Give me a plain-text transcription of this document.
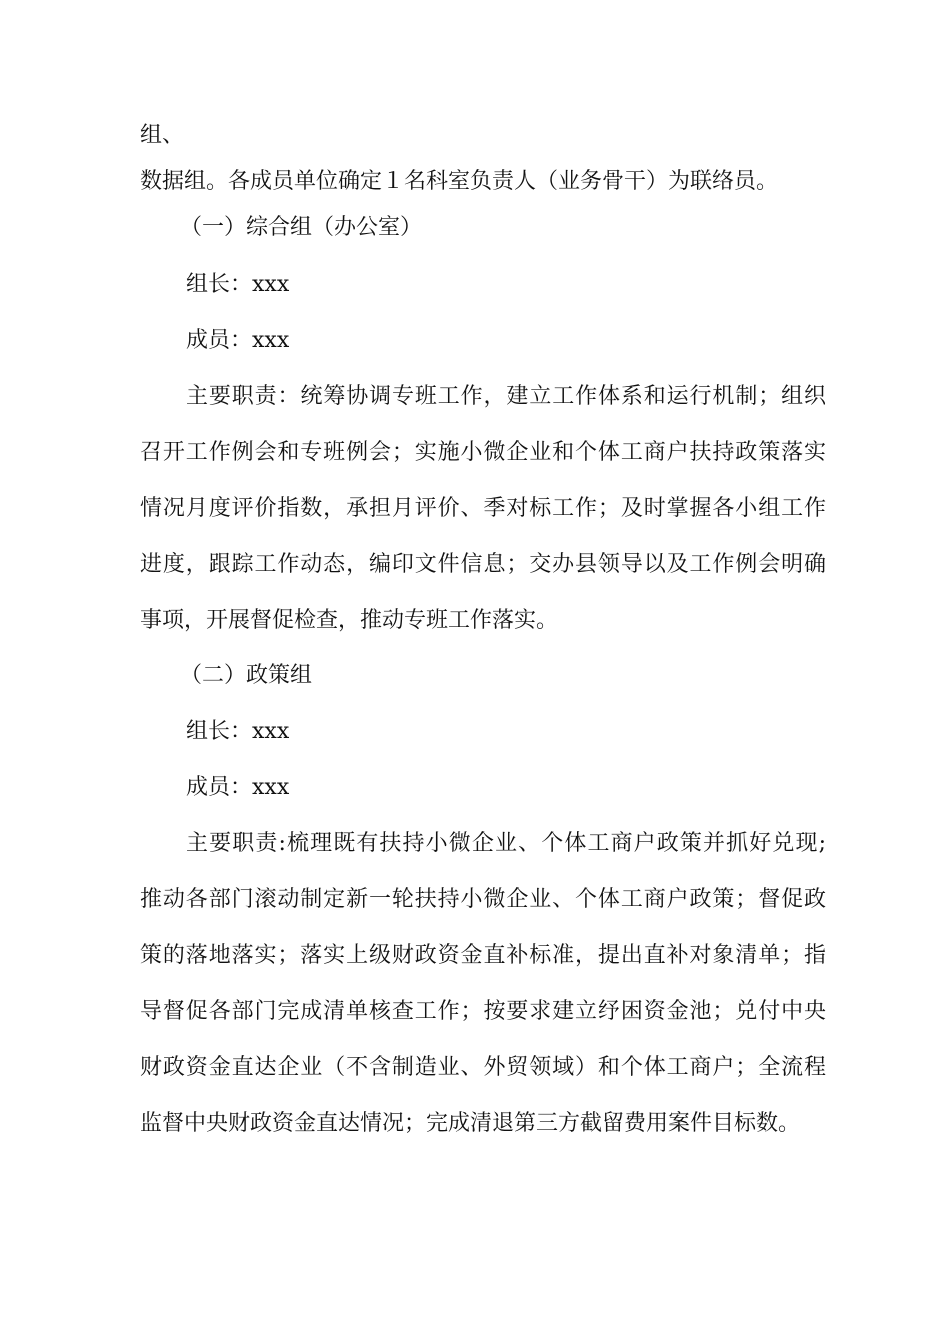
组、
数据组。各成员单位确定１名科室负责人（业务骨干）为联络员。
（一）综合组（办公室）
组长：xxx
成员：xxx
主要职责：统筹协调专班工作，建立工作体系和运行机制；组织
召开工作例会和专班例会；实施小微企业和个体工商户扶持政策落实
情况月度评价指数，承担月评价、季对标工作；及时掌握各小组工作
进度，跟踪工作动态，编印文件信息；交办县领导以及工作例会明确
事项，开展督促检查，推动专班工作落实。
（二）政策组
组长：xxx
成员：xxx
主要职责:梳理既有扶持小微企业、个体工商户政策并抓好兑现;
推动各部门滚动制定新一轮扶持小微企业、个体工商户政策；督促政
策的落地落实；落实上级财政资金直补标准，提出直补对象清单；指
导督促各部门完成清单核查工作；按要求建立纾困资金池；兑付中央
财政资金直达企业（不含制造业、外贸领域）和个体工商户；全流程
监督中央财政资金直达情况；完成清退第三方截留费用案件目标数。
